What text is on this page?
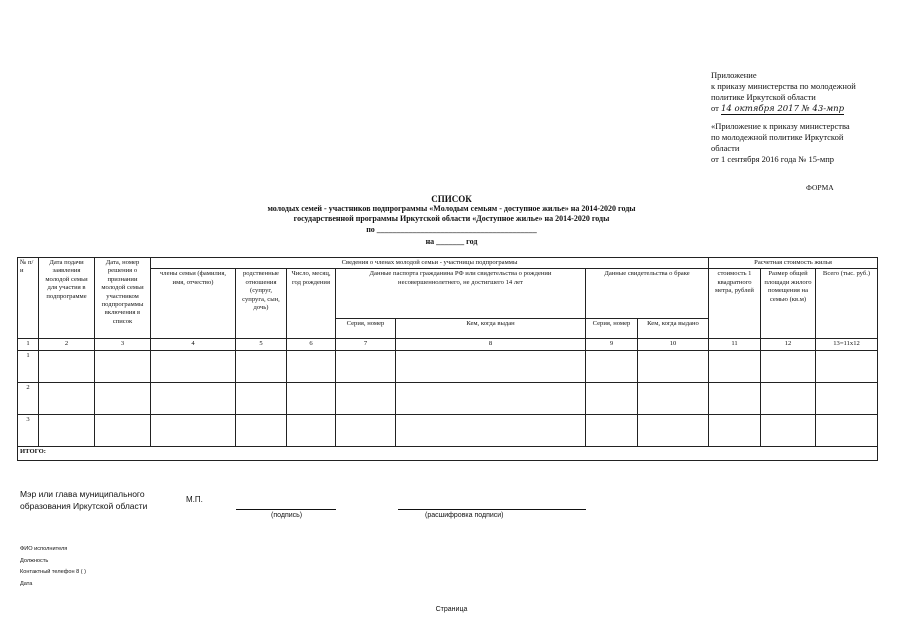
Приложение
к приказу министерства по молодежной
политике Иркутской области
от 14 октября 2017 № 43-мпр
«Приложение к приказу министерства
по молодежной политике Иркутской
области
от 1 сентября 2016 года № 15-мпр
ФОРМА
СПИСОК
молодых семей - участников подпрограммы «Молодым семьям - доступное жилье» на 2014-2020 годы
государственной программы Иркутской области «Доступное жилье» на 2014-2020 годы
по ________________________________________
на _______ год
№ п/и	Дата подачи заявления молодой семьи для участия в подпрограмме	Дата, номер решения о признании молодой семьи участником подпрограммы включения в список	Сведения о членах молодой семьи - участницы подпрограммы							Расчетная стоимость жилья		
			члены семьи (фамилия, имя, отчество)	родственные отношения (супруг, супруга, сын, дочь)	Число, месяц, год рождения	Данные паспорта гражданина РФ или свидетельства о рождении несовершеннолетнего, не достигшего 14 лет		Данные свидетельства о браке		стоимость 1 квадратного метра, рублей	Размер общей площади жилого помещения на семью (кв.м)	Всего (тыс. руб.)
						Серия, номер	Кем, когда выдан	Серия, номер	Кем, когда выдано			
1	2	3	4	5	6	7	8	9	10	11	12	13=11х12
1												
2												
3												
ИТОГО:												
Мэр или глава муниципального
образования Иркутской области
М.П.
(подпись)	(расшифровка подписи)
ФИО исполнителя
Должность
Контактный телефон 8 ( )
Дата
Страница
